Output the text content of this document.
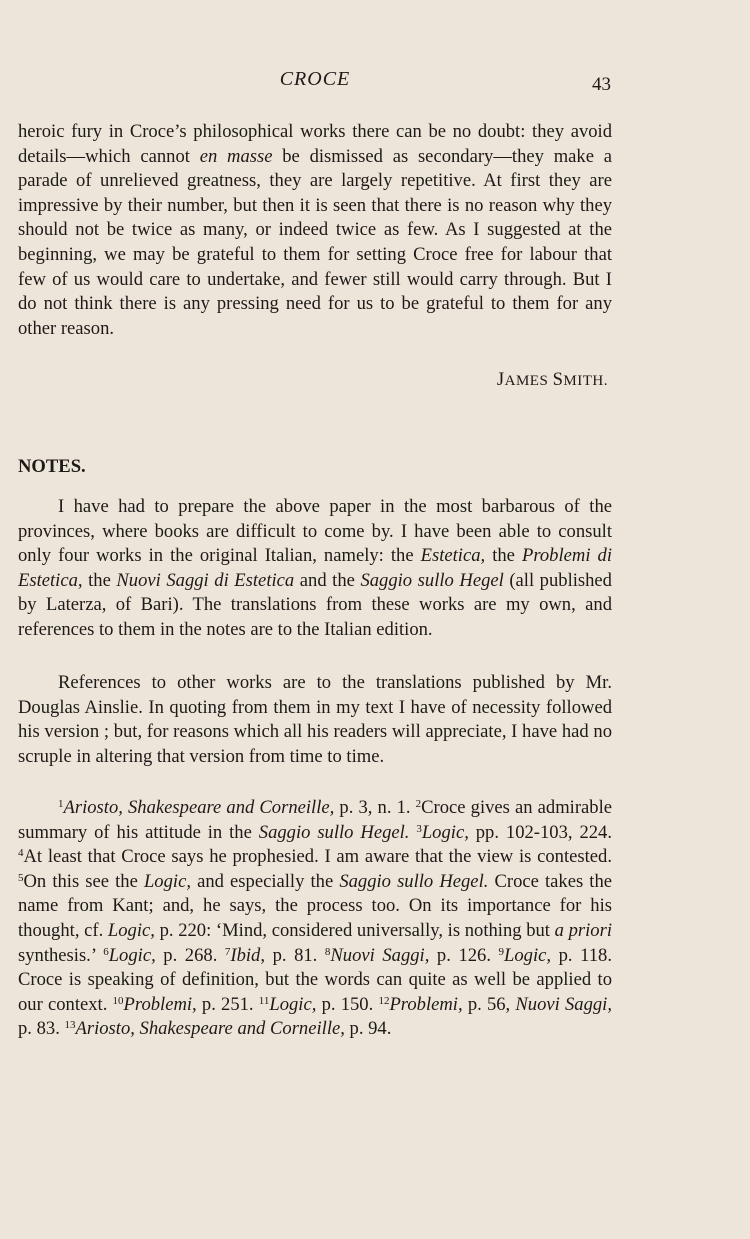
CROCE	43

heroic fury in Croce’s philosophical works there can be no doubt: they avoid details—which cannot en masse be dismissed as secondary—they make a parade of unrelieved greatness, they are largely repetitive. At first they are impressive by their number, but then it is seen that there is no reason why they should not be twice as many, or indeed twice as few. As I suggested at the beginning, we may be grateful to them for setting Croce free for labour that few of us would care to undertake, and fewer still would carry through. But I do not think there is any pressing need for us to be grateful to them for any other reason.

JAMES SMITH.
NOTES.

I have had to prepare the above paper in the most barbarous of the provinces, where books are difficult to come by. I have been able to consult only four works in the original Italian, namely: the Estetica, the Problemi di Estetica, the Nuovi Saggi di Estetica and the Saggio sullo Hegel (all published by Laterza, of Bari). The translations from these works are my own, and references to them in the notes are to the Italian edition.

References to other works are to the translations published by Mr. Douglas Ainslie. In quoting from them in my text I have of necessity followed his version ; but, for reasons which all his readers will appreciate, I have had no scruple in altering that version from time to time.

$^1$Ariosto, Shakespeare and Corneille, p. 3, n. 1. $^2$Croce gives an admirable summary of his attitude in the Saggio sullo Hegel. $^3$Logic, pp. 102-103, 224. $^4$At least that Croce says he prophesied. I am aware that the view is contested. $^5$On this see the Logic, and especially the Saggio sullo Hegel. Croce takes the name from Kant; and, he says, the process too. On its importance for his thought, cf. Logic, p. 220: ‘Mind, considered universally, is nothing but a priori synthesis.’ $^6$Logic, p. 268. $^7$Ibid, p. 81. $^8$Nuovi Saggi, p. 126. $^9$Logic, p. 118. Croce is speaking of definition, but the words can quite as well be applied to our context. $^{10}$Problemi, p. 251. $^{11}$Logic, p. 150. $^{12}$Problemi, p. 56, Nuovi Saggi, p. 83. $^{13}$Ariosto, Shakespeare and Corneille, p. 94.
